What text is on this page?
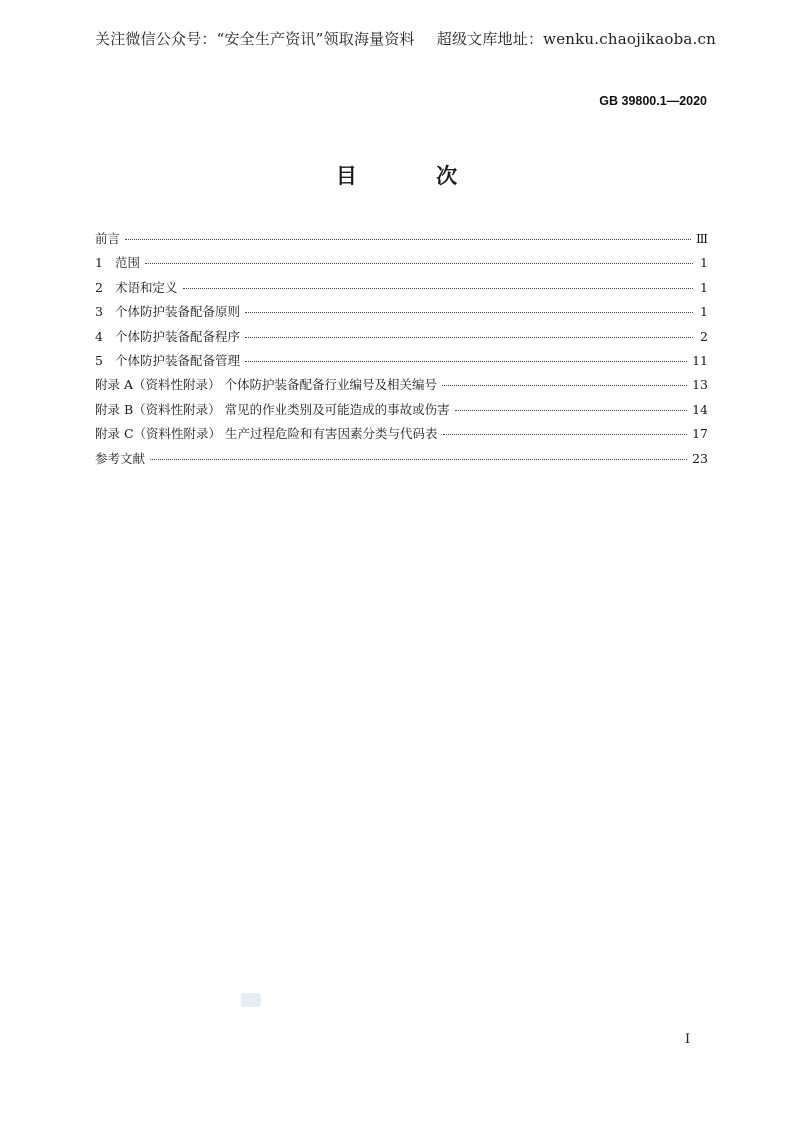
关注微信公众号：“安全生产资讯”领取海量资料 超级文库地址：wenku.chaojikaoba.cn
GB 39800.1—2020
目 次
前言	Ⅲ
1 范围	1
2 术语和定义	1
3 个体防护装备配备原则	1
4 个体防护装备配备程序	2
5 个体防护装备配备管理	11
附录 A（资料性附录） 个体防护装备配备行业编号及相关编号	13
附录 B（资料性附录） 常见的作业类别及可能造成的事故或伤害	14
附录 C（资料性附录） 生产过程危险和有害因素分类与代码表	17
参考文献	23
I
